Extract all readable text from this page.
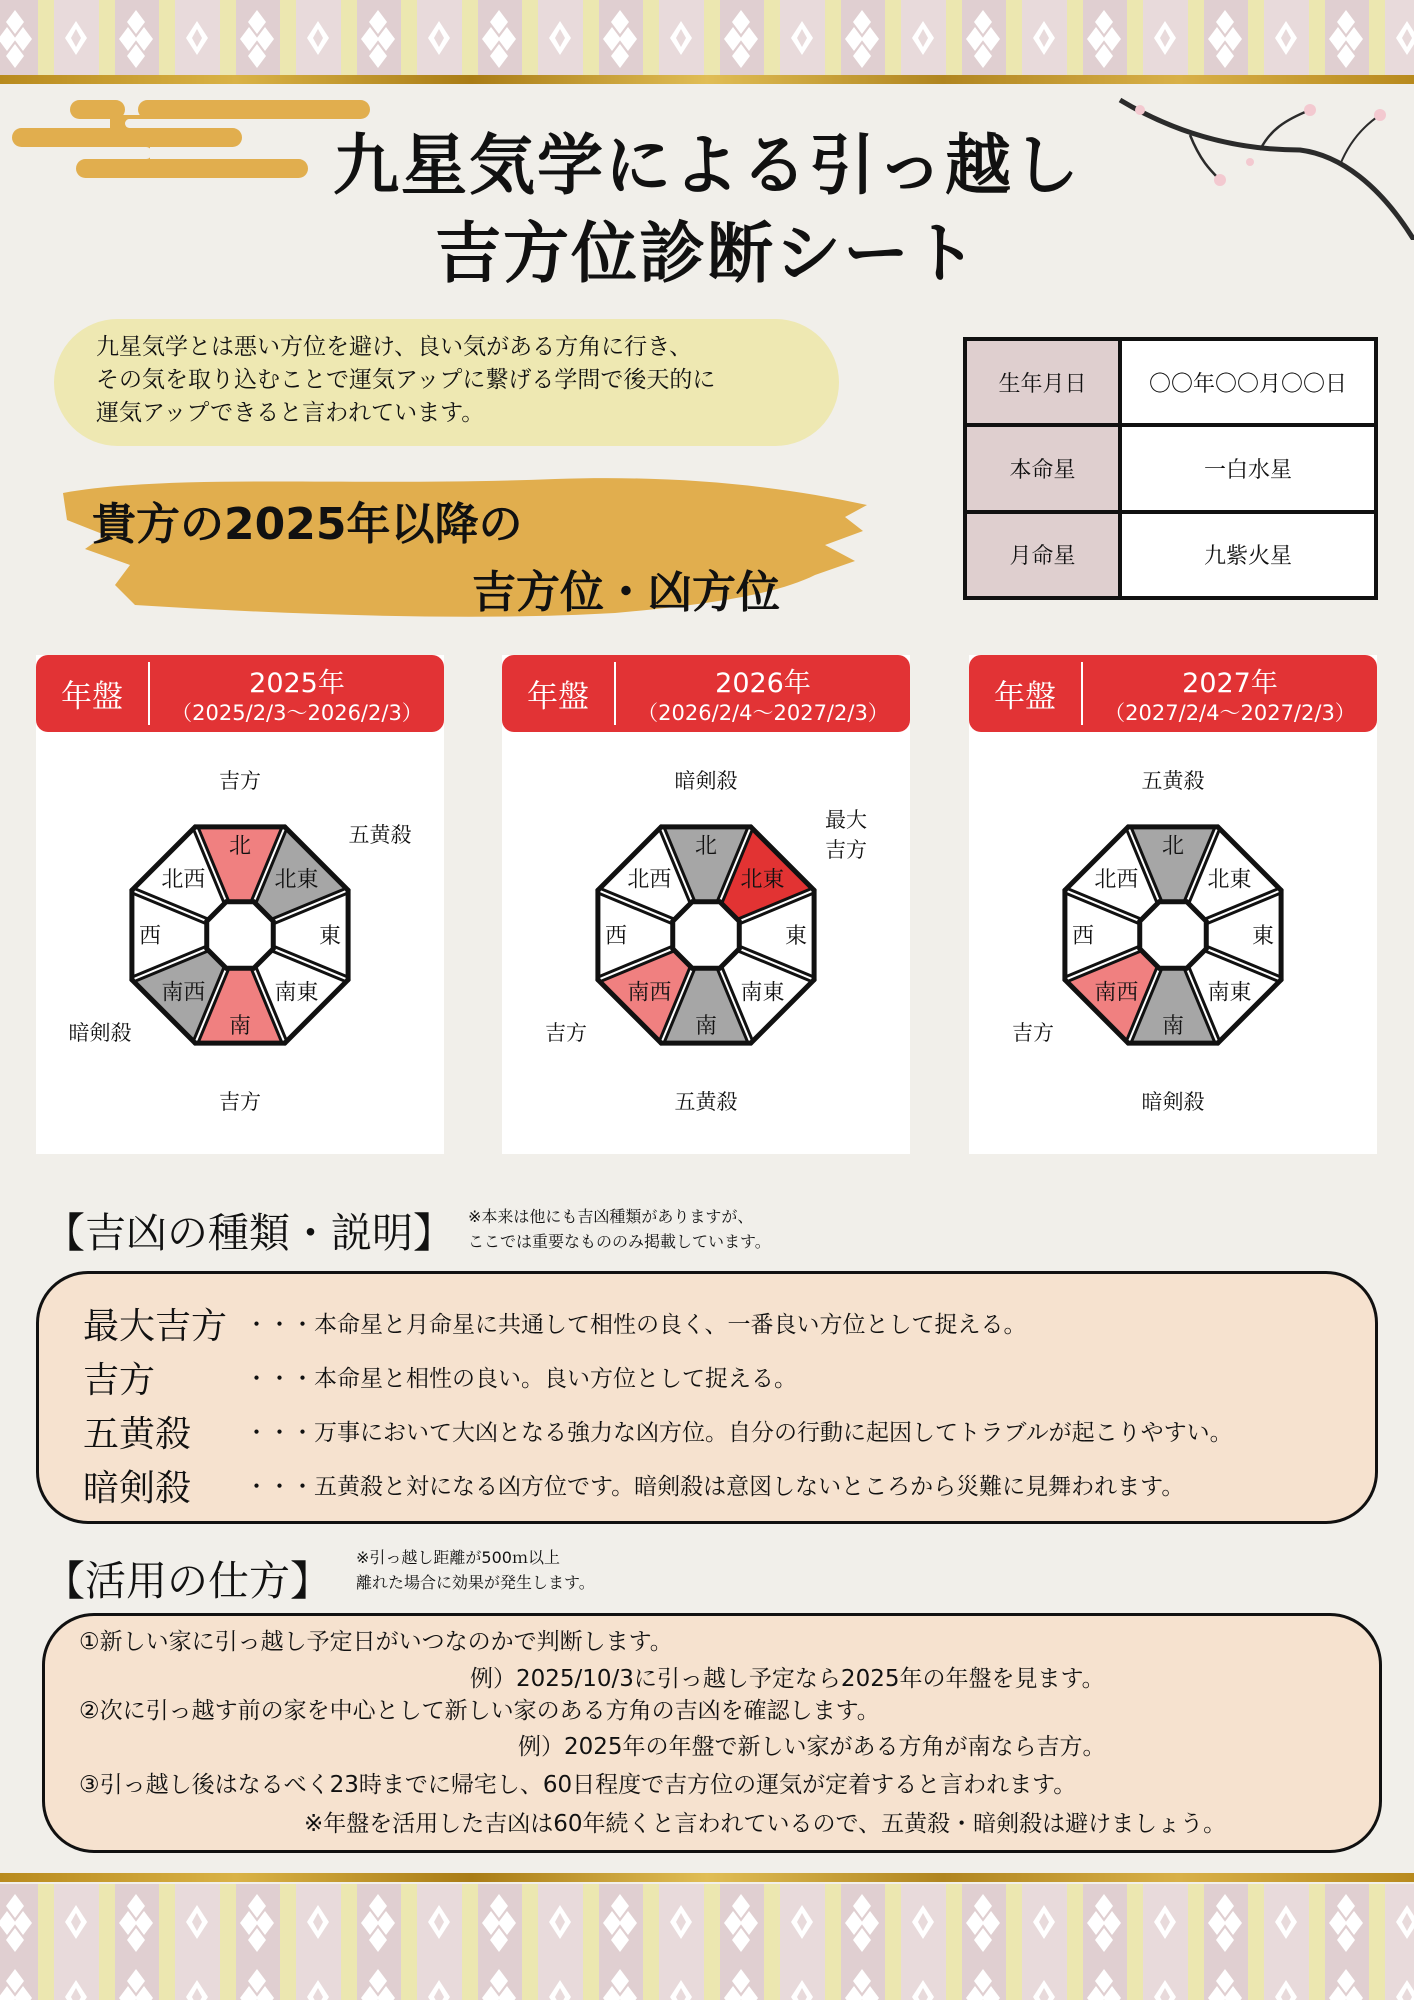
九星気学による引っ越し
吉方位診断シート
九星気学とは悪い方位を避け、良い気がある方角に行き、
その気を取り込むことで運気アップに繋げる学問で後天的に
運気アップできると言われています。
生年月日	〇〇年〇〇月〇〇日
本命星	一白水星
月命星	九紫火星
貴方の2025年以降の
吉方位・凶方位
年盤	2025年
（2025/2/3～2026/2/3）
北
北東
東
南東
南
南西
西
北西
吉方
五黄殺
暗剣殺
吉方
年盤	2026年
（2026/2/4～2027/2/3）
北
北東
東
南東
南
南西
西
北西
暗剣殺
最大
吉方
吉方
五黄殺
年盤	2027年
（2027/2/4～2027/2/3）
北
北東
東
南東
南
南西
西
北西
五黄殺
吉方
暗剣殺
【吉凶の種類・説明】 ※本来は他にも吉凶種類がありますが、
ここでは重要なもののみ掲載しています。
最大吉方 ・・・本命星と月命星に共通して相性の良く、一番良い方位として捉える。
吉方	・・・本命星と相性の良い。良い方位として捉える。
五黄殺 ・・・万事において大凶となる強力な凶方位。自分の行動に起因してトラブルが起こりやすい。
暗剣殺 ・・・五黄殺と対になる凶方位です。暗剣殺は意図しないところから災難に見舞われます。
【活用の仕方】 ※引っ越し距離が500ｍ以上
離れた場合に効果が発生します。
①新しい家に引っ越し予定日がいつなのかで判断します。
例）2025/10/3に引っ越し予定なら2025年の年盤を見ます。
②次に引っ越す前の家を中心として新しい家のある方角の吉凶を確認します。
例）2025年の年盤で新しい家がある方角が南なら吉方。
③引っ越し後はなるべく23時までに帰宅し、60日程度で吉方位の運気が定着すると言われます。
※年盤を活用した吉凶は60年続くと言われているので、五黄殺・暗剣殺は避けましょう。
